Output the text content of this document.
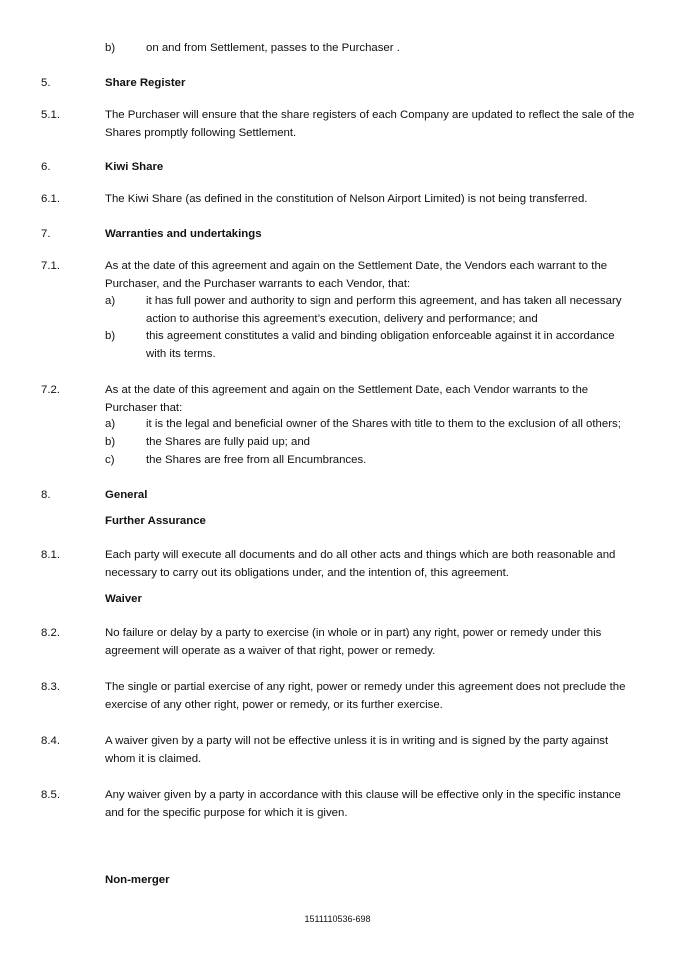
b)	on and from Settlement, passes to the Purchaser .
5.	Share Register
5.1.	The Purchaser will ensure that the share registers of each Company are updated to reflect the sale of the Shares promptly following Settlement.
6.	Kiwi Share
6.1.	The Kiwi Share (as defined in the constitution of Nelson Airport Limited) is not being transferred.
7.	Warranties and undertakings
7.1.	As at the date of this agreement and again on the Settlement Date, the Vendors each warrant to the Purchaser, and the Purchaser warrants to each Vendor, that:
a)	it has full power and authority to sign and perform this agreement, and has taken all necessary action to authorise this agreement’s execution, delivery and performance; and
b)	this agreement constitutes a valid and binding obligation enforceable against it in accordance with its terms.
7.2.	As at the date of this agreement and again on the Settlement Date, each Vendor warrants to the Purchaser that:
a)	it is the legal and beneficial owner of the Shares with title to them to the exclusion of all others;
b)	the Shares are fully paid up; and
c)	the Shares are free from all Encumbrances.
8.	General
Further Assurance
8.1.	Each party will execute all documents and do all other acts and things which are both reasonable and necessary to carry out its obligations under, and the intention of, this agreement.
Waiver
8.2.	No failure or delay by a party to exercise (in whole or in part) any right, power or remedy under this agreement will operate as a waiver of that right, power or remedy.
8.3.	The single or partial exercise of any right, power or remedy under this agreement does not preclude the exercise of any other right, power or remedy, or its further exercise.
8.4.	A waiver given by a party will not be effective unless it is in writing and is signed by the party against whom it is claimed.
8.5.	Any waiver given by a party in accordance with this clause will be effective only in the specific instance and for the specific purpose for which it is given.
Non-merger
1511110536-698
